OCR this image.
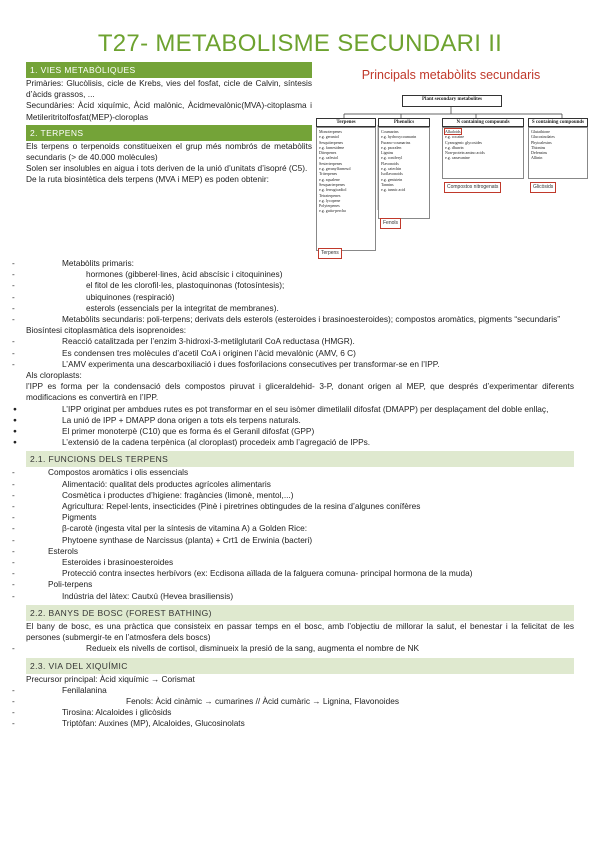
T27- METABOLISME SECUNDARI II
1. VIES METABÒLIQUES

Primàries: Glucòlisis, cicle de Krebs, vies del fosfat, cicle de Calvin, síntesis d’àcids grassos, ...

Secundàries: Àcid xiquímic, Àcid malònic, Àcidmevalònic(MVA)-citoplasma i Metileritritolfosfat(MEP)-cloroplas

2. TERPENS

Els terpens o terpenoids constitueixen el grup més nombrós de metabòlits secundaris (> de 40.000 molècules)

Solen ser insolubles en aigua i tots deriven de la unió d’unitats d’isopré (C5).

De la ruta biosintètica dels terpens (MVA i MEP) es poden obtenir:

Principals metabòlits secundaris

Plant secondary metabolites
Terpenes
Monoterpenes
e.g. geraniol
Sesquiterpenes
e.g. farnesidene
Diterpenes
e.g. cafestol
Sesterterpenes
e.g. geranylfarnesol
Triterpenes
e.g. squalene
Sesquarterpenes
e.g. ferrugicadiol
Tetraterpenes
e.g. lycopene
Polyterpenes
e.g. gutta-percha
Terpens
Phenolics
Coumarins
e.g. hydroxycoumarin
Furano-coumarins
e.g. psoralen
Lignins
e.g. coniferyl
Flavonoids
e.g. catechin
Isoflavonoids
e.g. genistein
Tannins
e.g. tannic acid
Fenols
N containing compounds
Alkaloids
e.g. cocaine
Cyanogenic glycosides
e.g. dhurrin
Non-protein amino acids
e.g. canavanine
Compostos nitrogenats
S containing compounds
Glutathione
Glucosinolates
Phytoalexins
Thionins
Defensins
Allinin
Glicòsids
- Metabòlits primaris:
- hormones (gibberel·lines, àcid abscísic i citoquinines)
- el fitol de les clorofil·les, plastoquinonas (fotosíntesis);
- ubiquinones (respiració)
- esterols (essencials per la integritat de membranes).
- Metabòlits secundaris: poli-terpens; derivats dels esterols (esteroides i brasinoesteroides); compostos aromàtics, pigments “secundaris”

Biosíntesi citoplasmàtica dels isoprenoides:

- Reacció catalitzada per l’enzim 3-hidroxi-3-metilglutaril CoA reductasa (HMGR).
- Es condensen tres molècules d’acetil CoA i originen l’àcid mevalònic (AMV, 6 C)
- L’AMV experimenta una descarboxiliació i dues fosforilacions consecutives per transformar-se en l’IPP.

Als cloroplasts:

l’IPP es forma per la condensació dels compostos piruvat i gliceraldehid- 3-P, donant origen al MEP, que després d’experimentar diferents modificacions es convertirà en l’IPP.

● L’IPP originat per ambdues rutes es pot transformar en el seu isòmer dimetilalil difosfat (DMAPP) per desplaçament del doble enllaç,
● La unió de IPP + DMAPP dona origen a tots els terpens naturals.
● El primer monoterpè (C10) que es forma és el Geranil difosfat (GPP)
● L’extensió de la cadena terpènica (al cloroplast) procedeix amb l’agregació de IPPs.
2.1. FUNCIONS DELS TERPENS
- Compostos aromàtics i olis essencials
- Alimentació: qualitat dels productes agrícoles alimentaris
- Cosmètica i productes d’higiene: fragàncies (limonè, mentol,...)
- Agricultura: Repel·lents, insecticides (Pinè i piretrines obtingudes de la resina d’algunes conífères
- Pigments
- β-carotè (ingesta vital per la síntesis de vitamina A) a Golden Rice:
- Phytoene synthase de Narcissus (planta) + Crt1 de Erwinia (bacteri)
- Esterols
- Esteroides i brasinoesteroides
- Protecció contra insectes herbívors (ex: Ecdisona aïllada de la falguera comuna- principal hormona de la muda)
- Poli-terpens
- Indústria del làtex: Cautxú (Hevea brasiliensis)
2.2. BANYS DE BOSC (FOREST BATHING)

El bany de bosc, es una pràctica que consisteix en passar temps en el bosc, amb l’objectiu de millorar la salut, el benestar i la felicitat de les persones (submergir-te en l’atmosfera dels boscs)

- Redueix els nivells de cortisol, disminueix la presió de la sang, augmenta el nombre de NK
2.3. VIA DEL XIQUÍMIC

Precursor principal: Àcid xiquímic → Corismat

- Fenilalanina
- Fenols: Àcid cinàmic → cumarines // Àcid cumàric → Lignina, Flavonoides
- Tirosina: Alcaloides i glicòsids
- Triptòfan: Auxines (MP), Alcaloides, Glucosinolats
